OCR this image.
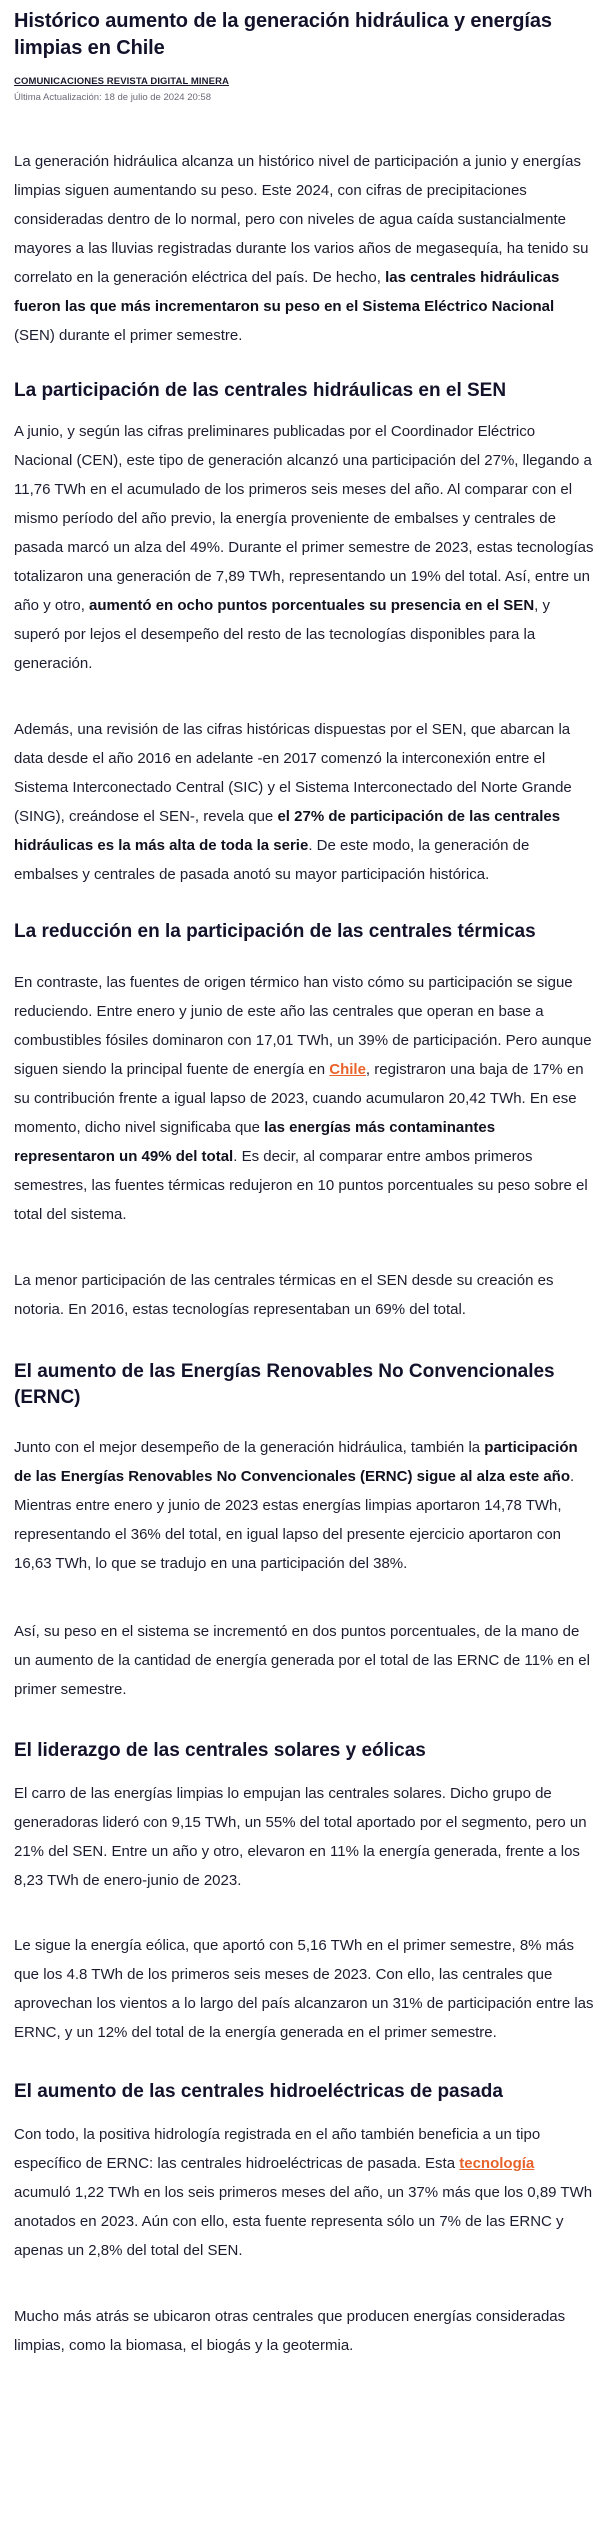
Histórico aumento de la generación hidráulica y energías limpias en Chile
COMUNICACIONES REVISTA DIGITAL MINERA
Última Actualización: 18 de julio de 2024 20:58

La generación hidráulica alcanza un histórico nivel de participación a junio y energías limpias siguen aumentando su peso. Este 2024, con cifras de precipitaciones consideradas dentro de lo normal, pero con niveles de agua caída sustancialmente mayores a las lluvias registradas durante los varios años de megasequía, ha tenido su correlato en la generación eléctrica del país. De hecho, las centrales hidráulicas fueron las que más incrementaron su peso en el Sistema Eléctrico Nacional (SEN) durante el primer semestre.

La participación de las centrales hidráulicas en el SEN

A junio, y según las cifras preliminares publicadas por el Coordinador Eléctrico Nacional (CEN), este tipo de generación alcanzó una participación del 27%, llegando a 11,76 TWh en el acumulado de los primeros seis meses del año. Al comparar con el mismo período del año previo, la energía proveniente de embalses y centrales de pasada marcó un alza del 49%. Durante el primer semestre de 2023, estas tecnologías totalizaron una generación de 7,89 TWh, representando un 19% del total. Así, entre un año y otro, aumentó en ocho puntos porcentuales su presencia en el SEN, y superó por lejos el desempeño del resto de las tecnologías disponibles para la generación.

Además, una revisión de las cifras históricas dispuestas por el SEN, que abarcan la data desde el año 2016 en adelante -en 2017 comenzó la interconexión entre el Sistema Interconectado Central (SIC) y el Sistema Interconectado del Norte Grande (SING), creándose el SEN-, revela que el 27% de participación de las centrales hidráulicas es la más alta de toda la serie. De este modo, la generación de embalses y centrales de pasada anotó su mayor participación histórica.

La reducción en la participación de las centrales térmicas

En contraste, las fuentes de origen térmico han visto cómo su participación se sigue reduciendo. Entre enero y junio de este año las centrales que operan en base a combustibles fósiles dominaron con 17,01 TWh, un 39% de participación. Pero aunque siguen siendo la principal fuente de energía en Chile, registraron una baja de 17% en su contribución frente a igual lapso de 2023, cuando acumularon 20,42 TWh. En ese momento, dicho nivel significaba que las energías más contaminantes representaron un 49% del total. Es decir, al comparar entre ambos primeros semestres, las fuentes térmicas redujeron en 10 puntos porcentuales su peso sobre el total del sistema.

La menor participación de las centrales térmicas en el SEN desde su creación es notoria. En 2016, estas tecnologías representaban un 69% del total.

El aumento de las Energías Renovables No Convencionales (ERNC)

Junto con el mejor desempeño de la generación hidráulica, también la participación de las Energías Renovables No Convencionales (ERNC) sigue al alza este año. Mientras entre enero y junio de 2023 estas energías limpias aportaron 14,78 TWh, representando el 36% del total, en igual lapso del presente ejercicio aportaron con 16,63 TWh, lo que se tradujo en una participación del 38%.

Así, su peso en el sistema se incrementó en dos puntos porcentuales, de la mano de un aumento de la cantidad de energía generada por el total de las ERNC de 11% en el primer semestre.

El liderazgo de las centrales solares y eólicas

El carro de las energías limpias lo empujan las centrales solares. Dicho grupo de generadoras lideró con 9,15 TWh, un 55% del total aportado por el segmento, pero un 21% del SEN. Entre un año y otro, elevaron en 11% la energía generada, frente a los 8,23 TWh de enero-junio de 2023.

Le sigue la energía eólica, que aportó con 5,16 TWh en el primer semestre, 8% más que los 4.8 TWh de los primeros seis meses de 2023. Con ello, las centrales que aprovechan los vientos a lo largo del país alcanzaron un 31% de participación entre las ERNC, y un 12% del total de la energía generada en el primer semestre.

El aumento de las centrales hidroeléctricas de pasada

Con todo, la positiva hidrología registrada en el año también beneficia a un tipo específico de ERNC: las centrales hidroeléctricas de pasada. Esta tecnología acumuló 1,22 TWh en los seis primeros meses del año, un 37% más que los 0,89 TWh anotados en 2023. Aún con ello, esta fuente representa sólo un 7% de las ERNC y apenas un 2,8% del total del SEN.

Mucho más atrás se ubicaron otras centrales que producen energías consideradas limpias, como la biomasa, el biogás y la geotermia.
